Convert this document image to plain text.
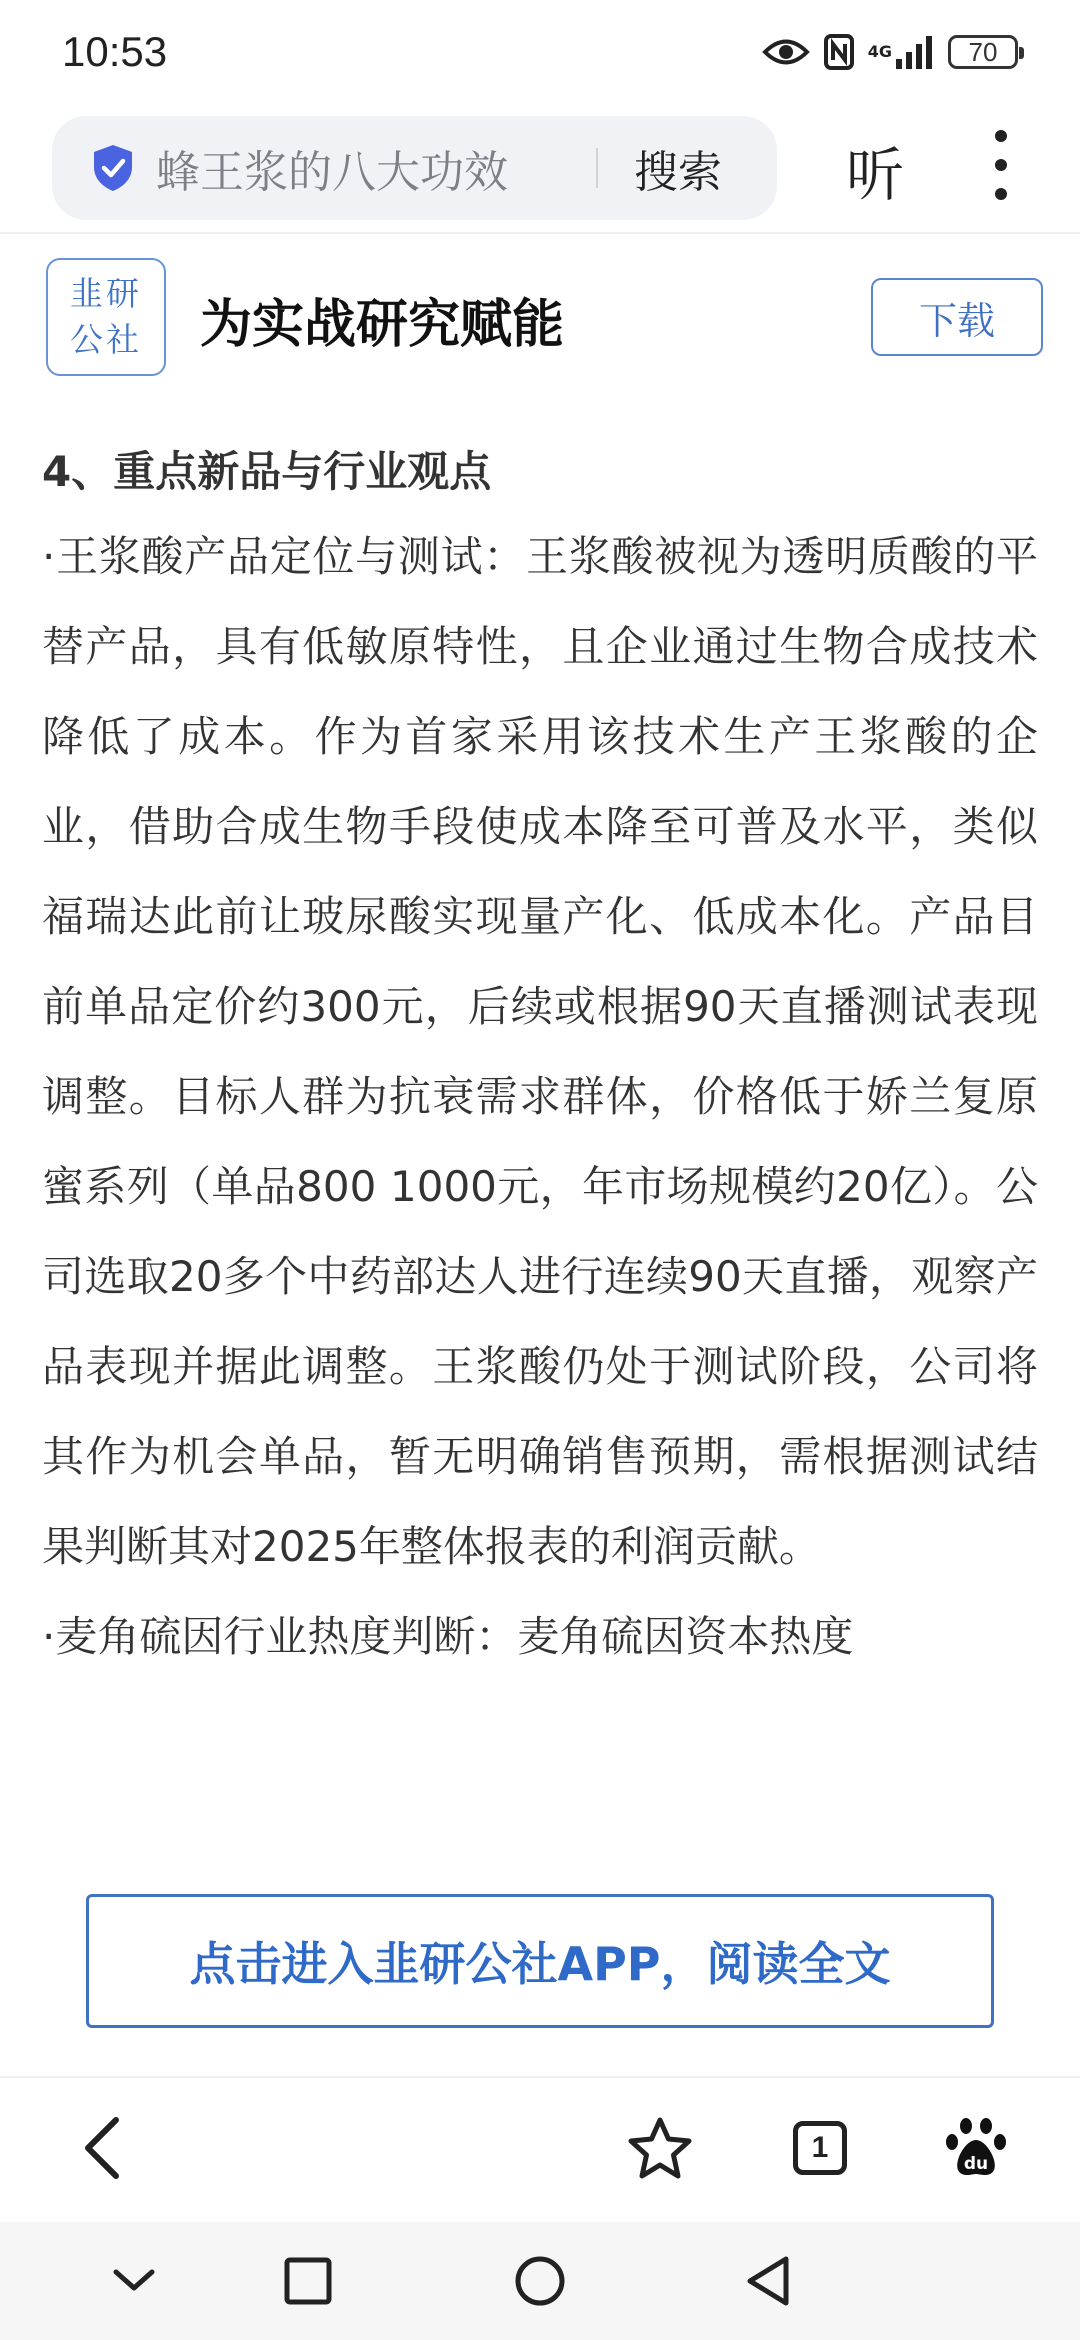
10:53	4G	70
蜂王浆的八大功效
搜索 听
韭研
公社 为实战研究赋能	下载
4、重点新品与行业观点

·王浆酸产品定位与测试：王浆酸被视为透明质酸的平替产品，具有低敏原特性，且企业通过生物合成技术降低了成本。作为首家采用该技术生产王浆酸的企业，借助合成生物手段使成本降至可普及水平，类似福瑞达此前让玻尿酸实现量产化、低成本化。产品目前单品定价约300元，后续或根据90天直播测试表现调整。目标人群为抗衰需求群体，价格低于娇兰复原蜜系列（单品800 1000元，年市场规模约20亿）。公司选取20多个中药部达人进行连续90天直播，观察产品表现并据此调整。王浆酸仍处于测试阶段，公司将其作为机会单品，暂无明确销售预期，需根据测试结果判断其对2025年整体报表的利润贡献。

·麦角硫因行业热度判断：麦角硫因资本热度

点击进入韭研公社APP，阅读全文
1	du
